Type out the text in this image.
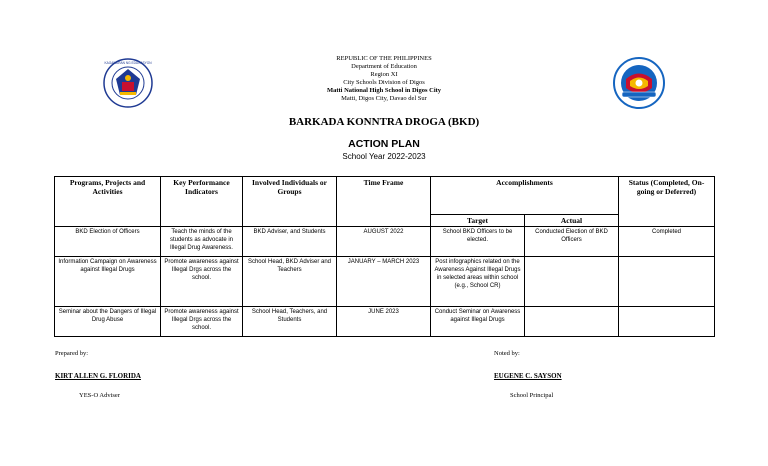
KAGAWARAN NG EDUKASYON
REPUBLIC OF THE PHILIPPINES
Department of Education
Region XI
City Schools Division of Digos
Matti National High School in Digos City
Matti, Digos City, Davao del Sur
BARKADA KONNTRA DROGA (BKD)
ACTION PLAN
School Year 2022-2023
Programs, Projects and Activities	Key Performance Indicators	Involved Individuals or Groups	Time Frame	Accomplishments		Status (Completed, On-going or Deferred)
				Target	Actual	
BKD Election of Officers	Teach the minds of the students as advocate in Illegal Drug Awareness.	BKD Adviser, and Students	AUGUST 2022	School BKD Officers to be elected.	Conducted Election of BKD Officers	Completed
Information Campaign on Awareness against Illegal Drugs	Promote awareness against Illegal Drgs across the school.	School Head, BKD Adviser and Teachers	JANUARY – MARCH 2023	Post infographics related on the Awareness Against Illegal Drugs in selected areas within school (e.g., School CR)		
Seminar about the Dangers of Illegal Drug Abuse	Promote awareness against Illegal Drgs across the school.	School Head, Teachers, and Students	JUNE 2023	Conduct Seminar on Awareness against Illegal Drugs		
Prepared by:
KIRT ALLEN G. FLORIDA
YES-O Adviser
Noted by:
EUGENE C. SAYSON
School Principal
